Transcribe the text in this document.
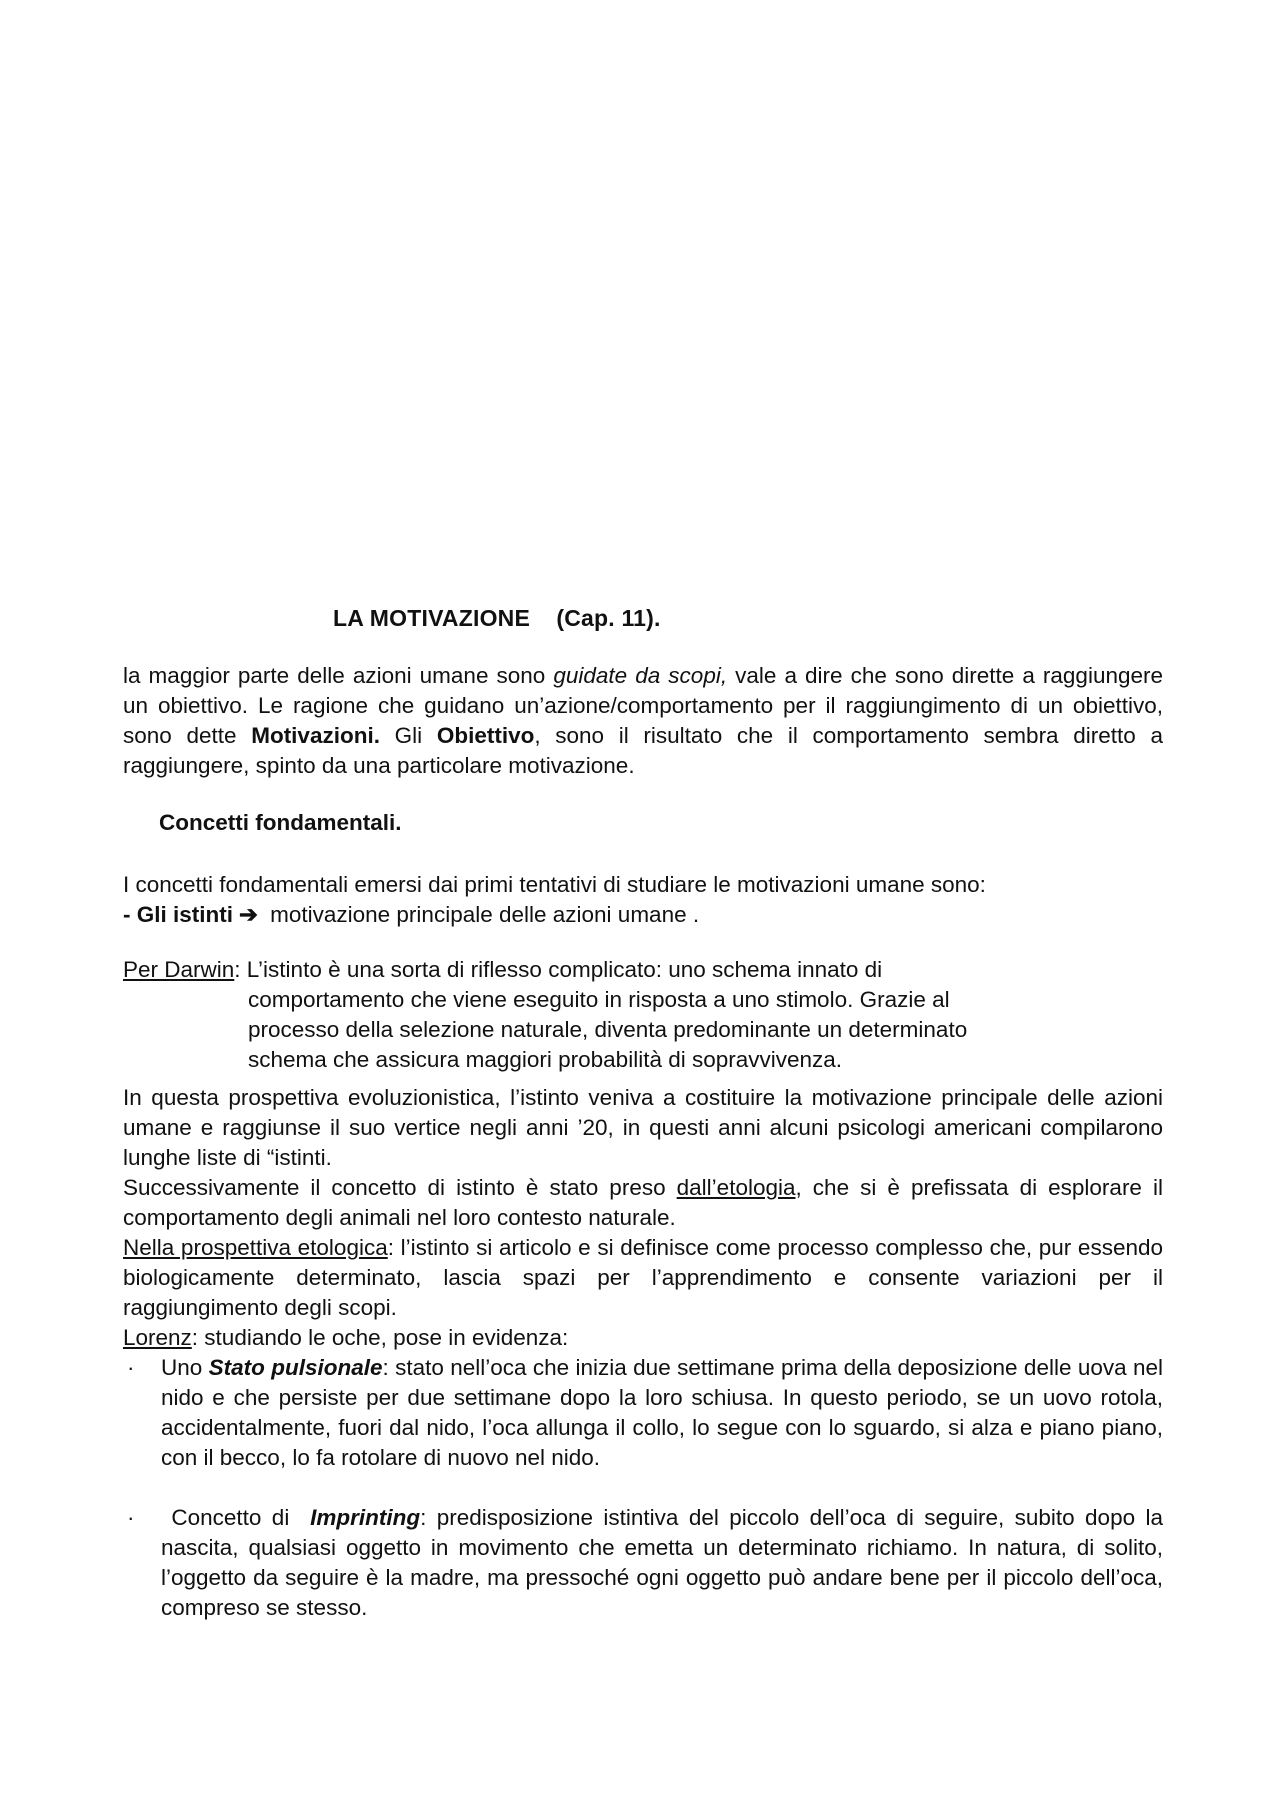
LA MOTIVAZIONE    (Cap. 11).

la maggior parte delle azioni umane sono guidate da scopi, vale a dire che sono dirette a raggiungere un obiettivo. Le ragione che guidano un’azione/comportamento per il raggiungimento di un obiettivo, sono dette Motivazioni. Gli Obiettivo, sono il risultato che il comportamento sembra diretto a raggiungere, spinto da una particolare motivazione.

Concetti fondamentali.

I concetti fondamentali emersi dai primi tentativi di studiare le motivazioni umane sono:
- Gli istinti ➔ motivazione principale delle azioni umane .

Per Darwin: L’istinto è una sorta di riflesso complicato: uno schema innato di

comportamento che viene eseguito in risposta a uno stimolo. Grazie al processo della selezione naturale, diventa predominante un determinato schema che assicura maggiori probabilità di sopravvivenza.

In questa prospettiva evoluzionistica, l’istinto veniva a costituire la motivazione principale delle azioni umane e raggiunse il suo vertice negli anni ’20, in questi anni alcuni psicologi americani compilarono lunghe liste di “istinti.

Successivamente il concetto di istinto è stato preso dall’etologia, che si è prefissata di esplorare il comportamento degli animali nel loro contesto naturale.

Nella prospettiva etologica: l’istinto si articolo e si definisce come processo complesso che, pur essendo biologicamente determinato, lascia spazi per l’apprendimento e consente variazioni per il raggiungimento degli scopi.

Lorenz: studiando le oche, pose in evidenza:

· Uno Stato pulsionale: stato nell’oca che inizia due settimane prima della deposizione delle uova nel nido e che persiste per due settimane dopo la loro schiusa. In questo periodo, se un uovo rotola, accidentalmente, fuori dal nido, l’oca allunga il collo, lo segue con lo sguardo, si alza e piano piano, con il becco, lo fa rotolare di nuovo nel nido.
· Concetto di  Imprinting: predisposizione istintiva del piccolo dell’oca di seguire, subito dopo la nascita, qualsiasi oggetto in movimento che emetta un determinato richiamo. In natura, di solito, l’oggetto da seguire è la madre, ma pressoché ogni oggetto può andare bene per il piccolo dell’oca, compreso se stesso.
